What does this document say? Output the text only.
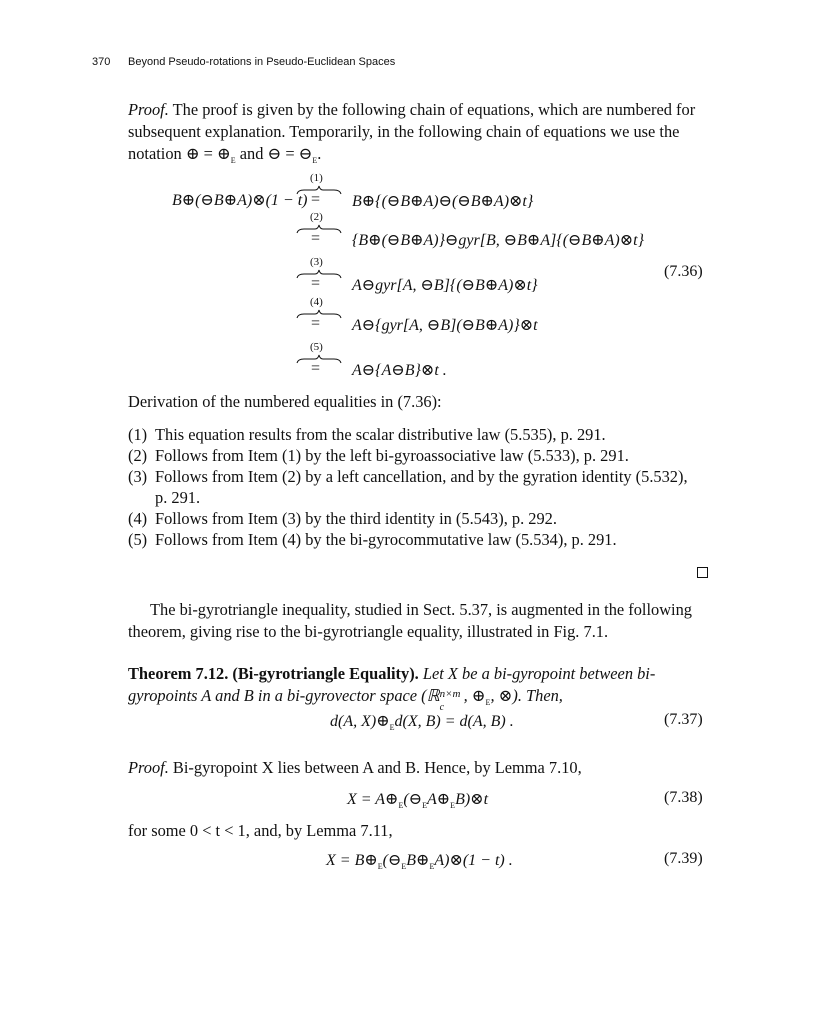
370 Beyond Pseudo-rotations in Pseudo-Euclidean Spaces
Proof. The proof is given by the following chain of equations, which are numbered for
subsequent explanation. Temporarily, in the following chain of equations we use the
notation ⊕ = $\oplus_E$ and ⊖ = $⊖_E$.
B⊕(⊖B⊕A)⊗(1 − t)
(7.36)
(1)
= B⊕{(⊖B⊕A)⊖(⊖B⊕A)⊗t}
(2)
= {B⊕(⊖B⊕A)}⊖gyr[B, ⊖B⊕A]{(⊖B⊕A)⊗t}
(3)
= A⊖gyr[A, ⊖B]{(⊖B⊕A)⊗t}
(4)
= A⊖{gyr[A, ⊖B](⊖B⊕A)}⊗t
(5)
= A⊖{A⊖B}⊗t .
Derivation of the numbered equalities in (7.36):
(1) This equation results from the scalar distributive law (5.535), p. 291.
(2) Follows from Item (1) by the left bi-gyroassociative law (5.533), p. 291.
(3) Follows from Item (2) by a left cancellation, and by the gyration identity (5.532),
p. 291.
(4) Follows from Item (3) by the third identity in (5.543), p. 292.
(5) Follows from Item (4) by the bi-gyrocommutative law (5.534), p. 291.
The bi-gyrotriangle inequality, studied in Sect. 5.37, is augmented in the following
theorem, giving rise to the bi-gyrotriangle equality, illustrated in Fig. 7.1.
Theorem 7.12. (Bi-gyrotriangle Equality). Let X be a bi-gyropoint between bi-
gyropoints A and B in a bi-gyrovector space (ℝ n×m
c
, $\oplus_E$, ⊗). Then,
d(A, $X)\oplus_Ed(X$, B) = d(A, B) .	(7.37)
Proof. Bi-gyropoint X lies between A and B. Hence, by Lemma 7.10,
$X = A\oplus_E(⊖_EA\oplus_EB)\otimes t$	(7.38)
for some 0 < t < 1, and, by Lemma 7.11,
$X = B\oplus_E(⊖_EB\oplus_EA)\otimes(1 - t)$ .	(7.39)
